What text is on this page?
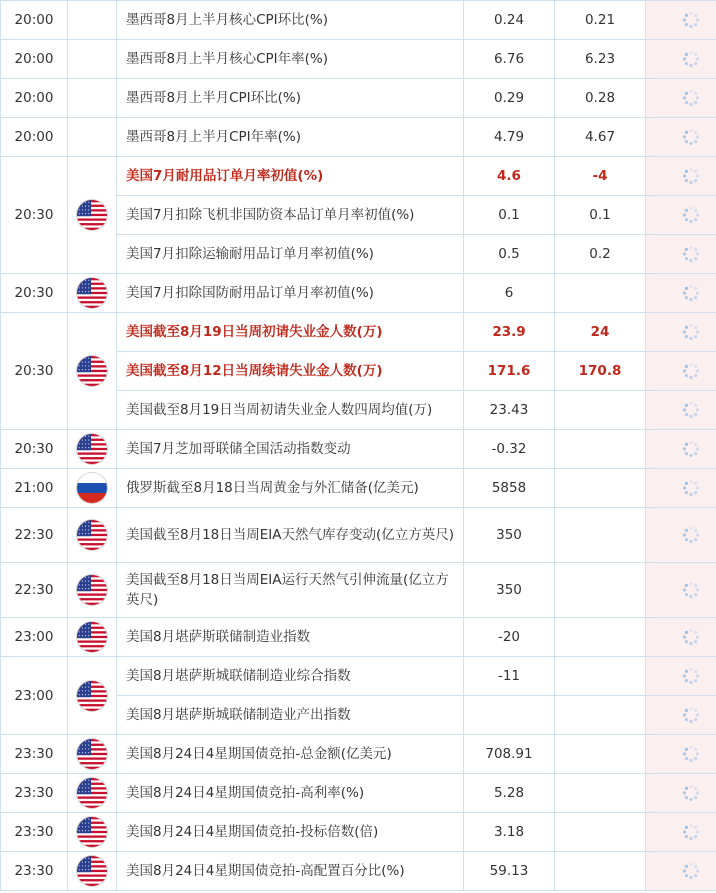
20:00		墨西哥8月上半月核心CPI环比(%)	0.24	0.21	
20:00		墨西哥8月上半月核心CPI年率(%)	6.76	6.23	
20:00		墨西哥8月上半月CPI环比(%)	0.29	0.28	
20:00		墨西哥8月上半月CPI年率(%)	4.79	4.67	
20:30		美国7月耐用品订单月率初值(%)	4.6	-4	
		美国7月扣除飞机非国防资本品订单月率初值(%)	0.1	0.1	
		美国7月扣除运输耐用品订单月率初值(%)	0.5	0.2	
20:30		美国7月扣除国防耐用品订单月率初值(%)	6		
20:30		美国截至8月19日当周初请失业金人数(万)	23.9	24	
		美国截至8月12日当周续请失业金人数(万)	171.6	170.8	
		美国截至8月19日当周初请失业金人数四周均值(万)	23.43		
20:30		美国7月芝加哥联储全国活动指数变动	-0.32		
21:00		俄罗斯截至8月18日当周黄金与外汇储备(亿美元)	5858		
22:30		美国截至8月18日当周EIA天然气库存变动(亿立方英尺)	350		
22:30		美国截至8月18日当周EIA运行天然气引伸流量(亿立方英尺)	350		
23:00		美国8月堪萨斯联储制造业指数	-20		
23:00		美国8月堪萨斯城联储制造业综合指数	-11		
		美国8月堪萨斯城联储制造业产出指数			
23:30		美国8月24日4星期国债竞拍-总金额(亿美元)	708.91		
23:30		美国8月24日4星期国债竞拍-高利率(%)	5.28		
23:30		美国8月24日4星期国债竞拍-投标倍数(倍)	3.18		
23:30		美国8月24日4星期国债竞拍-高配置百分比(%)	59.13		
